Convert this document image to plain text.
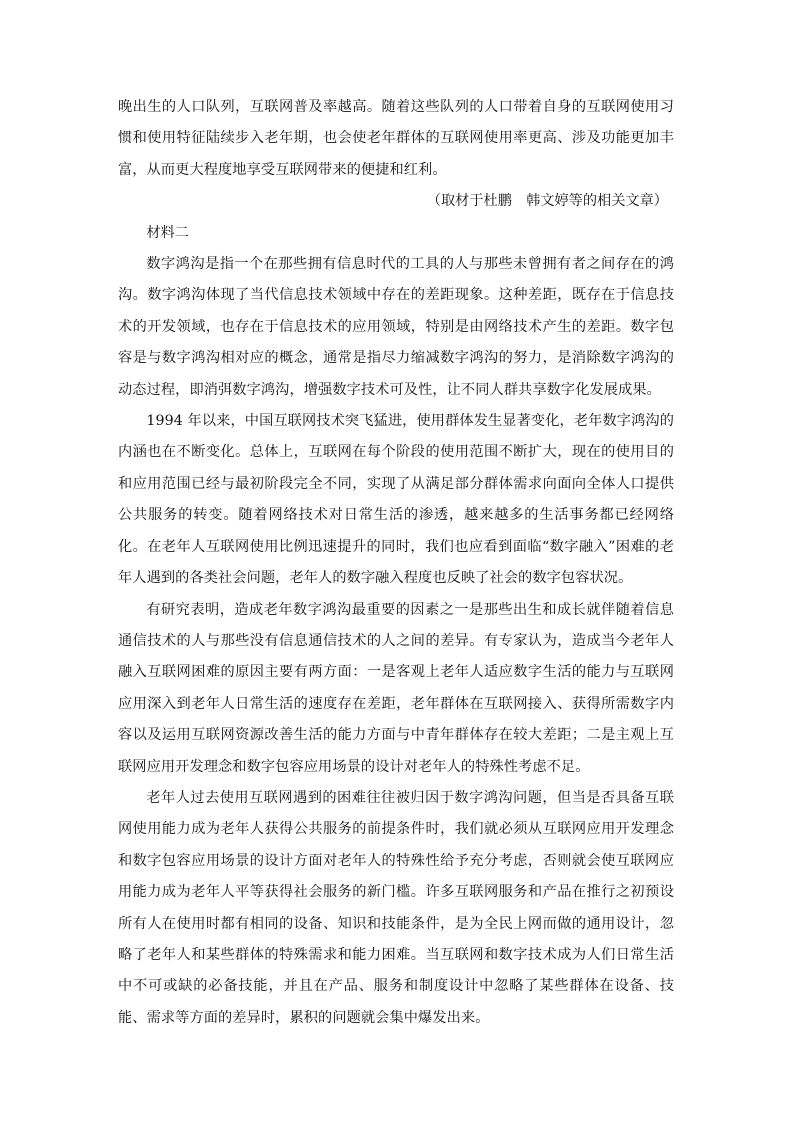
晚出生的人口队列，互联网普及率越高。随着这些队列的人口带着自身的互联网使用习惯和使用特征陆续步入老年期，也会使老年群体的互联网使用率更高、涉及功能更加丰富，从而更大程度地享受互联网带来的便捷和红利。

（取材于杜鹏　韩文婷等的相关文章）

材料二

数字鸿沟是指一个在那些拥有信息时代的工具的人与那些未曾拥有者之间存在的鸿沟。数字鸿沟体现了当代信息技术领域中存在的差距现象。这种差距，既存在于信息技术的开发领域，也存在于信息技术的应用领域，特别是由网络技术产生的差距。数字包容是与数字鸿沟相对应的概念，通常是指尽力缩减数字鸿沟的努力，是消除数字鸿沟的动态过程，即消弭数字鸿沟，增强数字技术可及性，让不同人群共享数字化发展成果。

1994 年以来，中国互联网技术突飞猛进，使用群体发生显著变化，老年数字鸿沟的内涵也在不断变化。总体上，互联网在每个阶段的使用范围不断扩大，现在的使用目的和应用范围已经与最初阶段完全不同，实现了从满足部分群体需求向面向全体人口提供公共服务的转变。随着网络技术对日常生活的渗透，越来越多的生活事务都已经网络化。在老年人互联网使用比例迅速提升的同时，我们也应看到面临“数字融入”困难的老年人遇到的各类社会问题，老年人的数字融入程度也反映了社会的数字包容状况。

有研究表明，造成老年数字鸿沟最重要的因素之一是那些出生和成长就伴随着信息通信技术的人与那些没有信息通信技术的人之间的差异。有专家认为，造成当今老年人融入互联网困难的原因主要有两方面：一是客观上老年人适应数字生活的能力与互联网应用深入到老年人日常生活的速度存在差距，老年群体在互联网接入、获得所需数字内容以及运用互联网资源改善生活的能力方面与中青年群体存在较大差距；二是主观上互联网应用开发理念和数字包容应用场景的设计对老年人的特殊性考虑不足。

老年人过去使用互联网遇到的困难往往被归因于数字鸿沟问题，但当是否具备互联网使用能力成为老年人获得公共服务的前提条件时，我们就必须从互联网应用开发理念和数字包容应用场景的设计方面对老年人的特殊性给予充分考虑，否则就会使互联网应用能力成为老年人平等获得社会服务的新门槛。许多互联网服务和产品在推行之初预设所有人在使用时都有相同的设备、知识和技能条件，是为全民上网而做的通用设计，忽略了老年人和某些群体的特殊需求和能力困难。当互联网和数字技术成为人们日常生活中不可或缺的必备技能，并且在产品、服务和制度设计中忽略了某些群体在设备、技能、需求等方面的差异时，累积的问题就会集中爆发出来。
